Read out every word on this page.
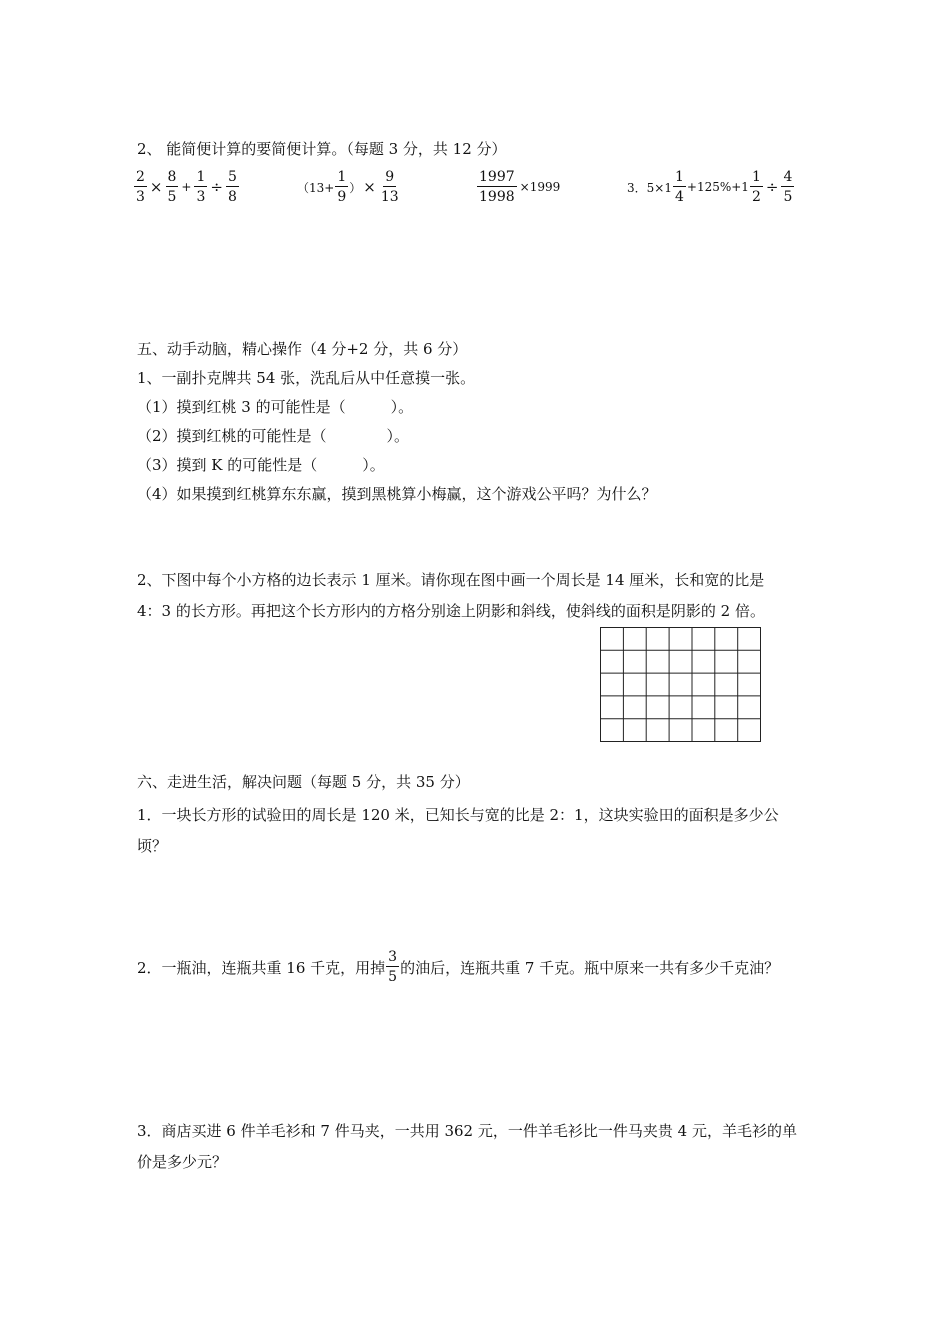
2、 能简便计算的要简便计算。（每题 3 分，共 12 分）
$\frac{2}{3} \times \frac{8}{5} + \frac{1}{3} \div \frac{5}{8}$	（$13+ \frac{1}{9}$ ） × $\frac{9}{13}$	$\frac{1997}{1998} \times 1999$	3．$5\times 1 \frac{1}{4} +125\%+1 \frac{1}{2} \div \frac{4}{5}$
五、动手动脑，精心操作（4 分+2 分，共 6 分）
1、一副扑克牌共 54 张，洗乱后从中任意摸一张。
（1）摸到红桃 3 的可能性是（　　　）。
（2）摸到红桃的可能性是（　　　　）。
（3）摸到 K 的可能性是（　　　）。
（4）如果摸到红桃算东东赢，摸到黑桃算小梅赢，这个游戏公平吗？为什么？
2、下图中每个小方格的边长表示 1 厘米。请你现在图中画一个周长是 14 厘米，长和宽的比是
4：3 的长方形。再把这个长方形内的方格分别途上阴影和斜线，使斜线的面积是阴影的 2 倍。
六、走进生活，解决问题（每题 5 分，共 35 分）
1．一块长方形的试验田的周长是 120 米，已知长与宽的比是 2：1，这块实验田的面积是多少公
顷？
2．一瓶油，连瓶共重 16 千克，用掉 $\frac{3}{5}$ 的油后，连瓶共重 7 千克。瓶中原来一共有多少千克油？
3．商店买进 6 件羊毛衫和 7 件马夹，一共用 362 元，一件羊毛衫比一件马夹贵 4 元，羊毛衫的单
价是多少元？
